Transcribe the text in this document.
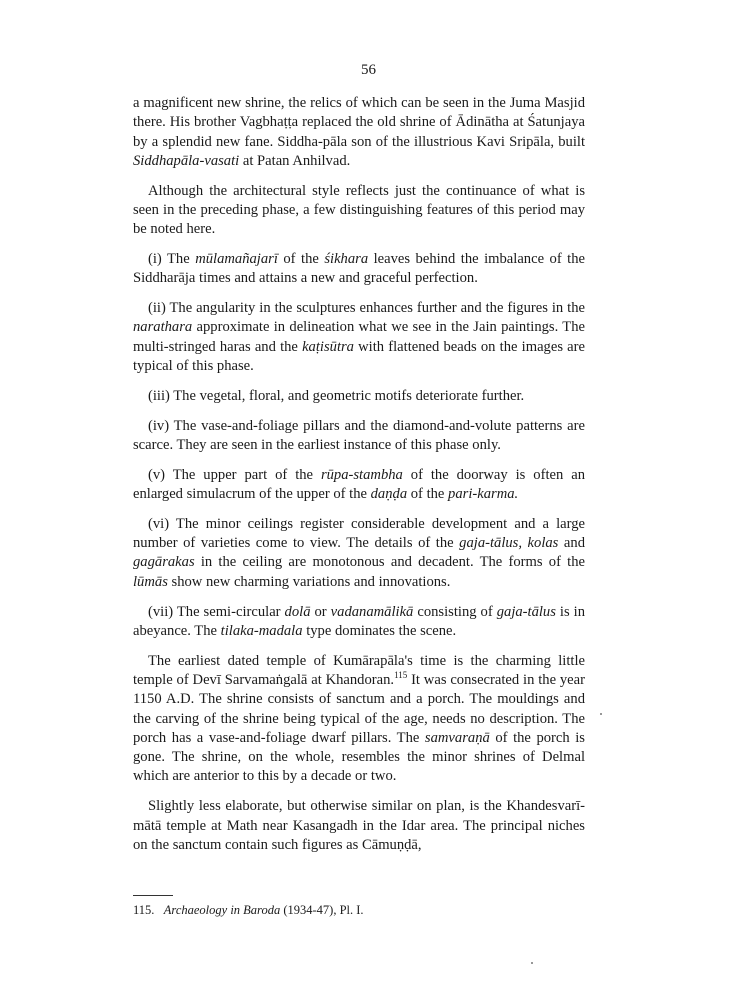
56

a magnificent new shrine, the relics of which can be seen in the Juma Masjid there. His brother Vagbhaṭṭa replaced the old shrine of Ādinātha at Śatunjaya by a splendid new fane. Siddha-pāla son of the illustrious Kavi Sripāla, built Siddhapāla-vasati at Patan Anhilvad.

Although the architectural style reflects just the continuance of what is seen in the preceding phase, a few distinguishing features of this period may be noted here.

(i) The mūlamañajarī of the śikhara leaves behind the imbalance of the Siddharāja times and attains a new and graceful perfection.

(ii) The angularity in the sculptures enhances further and the figures in the narathara approximate in delineation what we see in the Jain paintings. The multi-stringed haras and the kaṭisūtra with flattened beads on the images are typical of this phase.

(iii) The vegetal, floral, and geometric motifs deteriorate further.

(iv) The vase-and-foliage pillars and the diamond-and-volute patterns are scarce. They are seen in the earliest instance of this phase only.

(v) The upper part of the rūpa-stambha of the doorway is often an enlarged simulacrum of the upper of the daṇḍa of the pari-karma.

(vi) The minor ceilings register considerable development and a large number of varieties come to view. The details of the gaja-tālus, kolas and gagārakas in the ceiling are monotonous and decadent. The forms of the lūmās show new charming variations and innovations.

(vii) The semi-circular dolā or vadanamālikā consisting of gaja-tālus is in abeyance. The tilaka-madala type dominates the scene.

The earliest dated temple of Kumārapāla's time is the charming little temple of Devī Sarvamaṅgalā at Khandoran.$^{115}$ It was consecrated in the year 1150 A.D. The shrine consists of sanctum and a porch. The mouldings and the carving of the shrine being typical of the age, needs no description. The porch has a vase-and-foliage dwarf pillars. The samvaraṇā of the porch is gone. The shrine, on the whole, resembles the minor shrines of Delmal which are anterior to this by a decade or two.

Slightly less elaborate, but otherwise similar on plan, is the Khandesvarī-mātā temple at Math near Kasangadh in the Idar area. The principal niches on the sanctum contain such figures as Cāmuṇḍā,

115. Archaeology in Baroda (1934-47), Pl. I.
